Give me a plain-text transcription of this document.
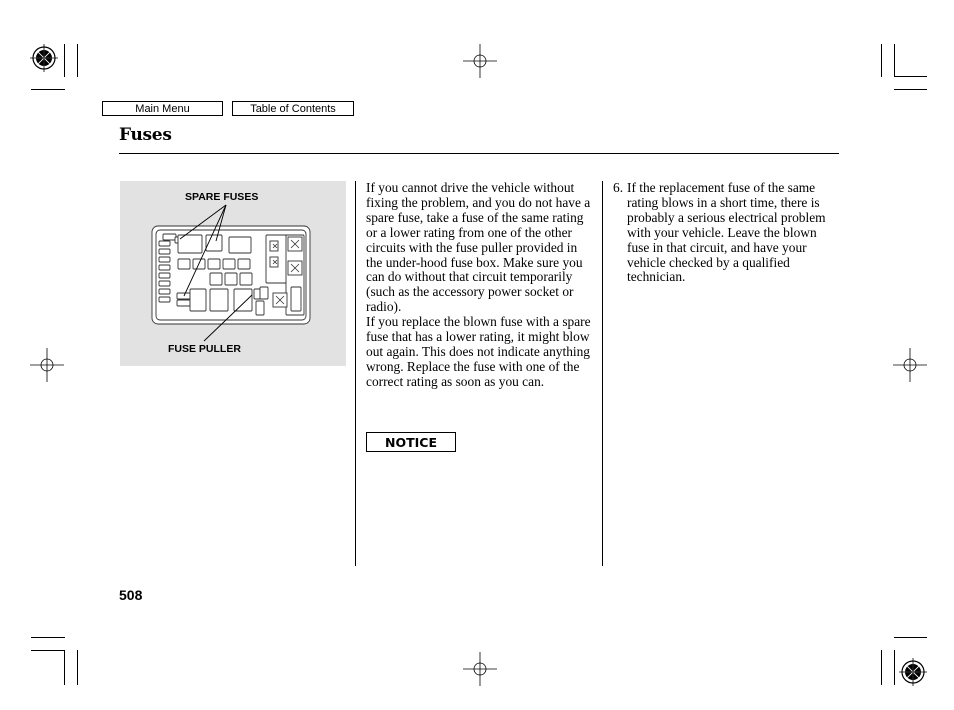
Main Menu	Table of Contents
Fuses
SPARE FUSES
FUSE PULLER

If you cannot drive the vehicle without fixing the problem, and you do not have a spare fuse, take a fuse of the same rating or a lower rating from one of the other circuits with the fuse puller provided in the under-hood fuse box. Make sure you can do without that circuit temporarily (such as the accessory power socket or radio).

If you replace the blown fuse with a spare fuse that has a lower rating, it might blow out again. This does not indicate anything wrong. Replace the fuse with one of the correct rating as soon as you can.

NOTICE
6. If the replacement fuse of the same rating blows in a short time, there is probably a serious electrical problem with your vehicle. Leave the blown fuse in that circuit, and have your vehicle checked by a qualified technician.
508
